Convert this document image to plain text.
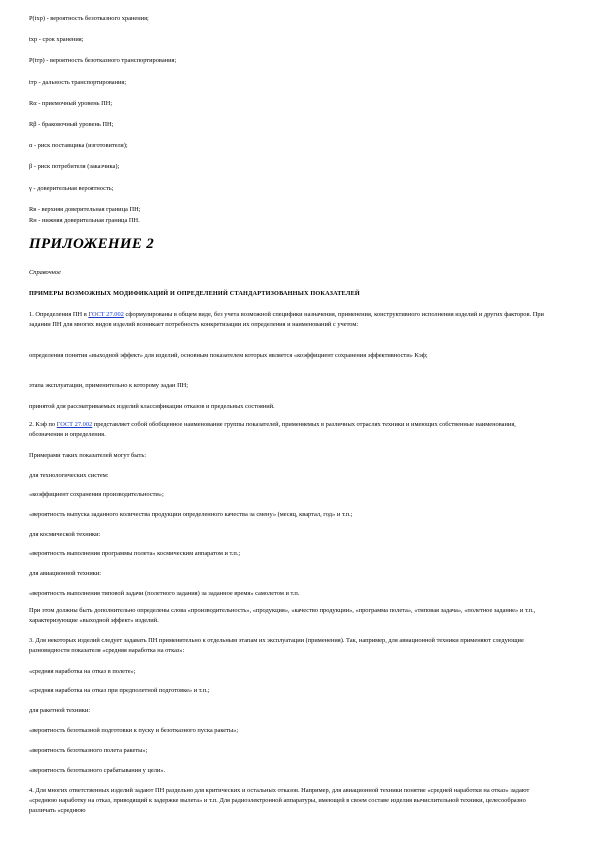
P(tхр) - вероятность безотказного хранения;
tхр - срок хранения;
P(tтр) - вероятность безотказного транспортирования;
tтр - дальность транспортирования;
Rα - приемочный уровень ПН;
Rβ - браковочный уровень ПН;
α - риск поставщика (изготовителя);
β - риск потребителя (заказчика);
γ - доверительная вероятность;
Rв - верхняя доверительная граница ПН;
Rн - нижняя доверительная граница ПН.
ПРИЛОЖЕНИЕ 2
Справочное
ПРИМЕРЫ ВОЗМОЖНЫХ МОДИФИКАЦИЙ И ОПРЕДЕЛЕНИЙ СТАНДАРТИЗОВАННЫХ ПОКАЗАТЕЛЕЙ
1. Определения ПН в ГОСТ 27.002 сформулированы в общем виде, без учета возможной специфики назначения, применения, конструктивного исполнения изделий и других факторов. При задании ПН для многих видов изделий возникает потребность конкретизации их определения и наименований с учетом:
определения понятия «выходной эффект» для изделий, основным показателем которых является «коэффициент сохранения эффективности» Kэф;
этапа эксплуатации, применительно к которому задан ПН;
принятой для рассматриваемых изделий классификации отказов и предельных состояний.
2. Kэф по ГОСТ 27.002 представляет собой обобщенное наименование группы показателей, применяемых в различных отраслях техники и имеющих собственные наименования, обозначения и определения.
Примерами таких показателей могут быть:
для технологических систем:
«коэффициент сохранения производительности»;
«вероятность выпуска заданного количества продукции определенного качества за смену» (месяц, квартал, год» и т.п.;
для космической техники:
«вероятность выполнения программы полета» космическим аппаратом и т.п.;
для авиационной техники:
«вероятность выполнения типовой задачи (полетного задания) за заданное время» самолетом и т.п.
При этом должны быть дополнительно определены слова «производительность», «продукция», «качество продукции», «программа полета», «типовая задача», «полетное задание» и т.п., характеризующие «выходной эффект» изделий.
3. Для некоторых изделий следует задавать ПН применительно к отдельным этапам их эксплуатации (применения). Так, например, для авиационной техники применяют следующие разновидности показателя «средняя наработка на отказ»:
«средняя наработка на отказ в полете»;
«средняя наработка на отказ при предполетной подготовке» и т.п.;
для ракетной техники:
«вероятность безотказной подготовки к пуску и безотказного пуска ракеты»;
«вероятность безотказного полета ракеты»;
«вероятность безотказного срабатывания у цели».
4. Для многих ответственных изделий задают ПН раздельно для критических и остальных отказов. Например, для авиационной техники понятие «средней наработки на отказ» задают «среднюю наработку на отказ, приводящий к задержке вылета» и т.п. Для радиоэлектронной аппаратуры, имеющей в своем составе изделия вычислительной техники, целесообразно различать «среднюю
